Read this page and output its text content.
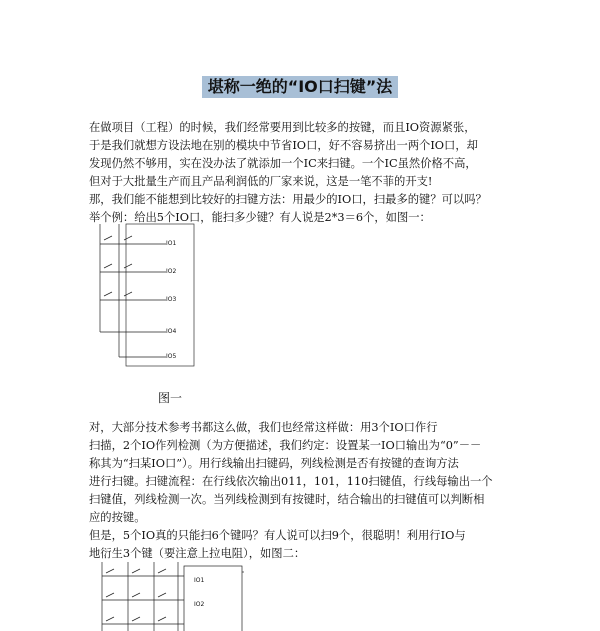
堪称一绝的“IO口扫键”法

在做项目（工程）的时候，我们经常要用到比较多的按键，而且IO资源紧张，

于是我们就想方设法地在别的模块中节省IO口，好不容易挤出一两个IO口，却

发现仍然不够用，实在没办法了就添加一个IC来扫键。一个IC虽然价格不高，

但对于大批量生产而且产品利润低的厂家来说，这是一笔不菲的开支!

那，我们能不能想到比较好的扫键方法：用最少的IO口，扫最多的键？可以吗？

举个例：给出5个IO口，能扫多少键？有人说是2*3＝6个，如图一：

IO1
IO2
IO3
IO4
IO5
图一

对，大部分技术参考书都这么做，我们也经常这样做：用3个IO口作行

扫描，2个IO作列检测（为方便描述，我们约定：设置某一IO口输出为“0”－－

称其为“扫某IO口”）。用行线输出扫键码，列线检测是否有按键的查询方法

进行扫键。扫键流程：在行线依次输出011，101，110扫键值，行线每输出一个

扫键值，列线检测一次。当列线检测到有按键时，结合输出的扫键值可以判断相

应的按键。

但是，5个IO真的只能扫6个键吗？有人说可以扫9个，很聪明！利用行IO与

地衍生3个键（要注意上拉电阻），如图二：

IO1
IO2
